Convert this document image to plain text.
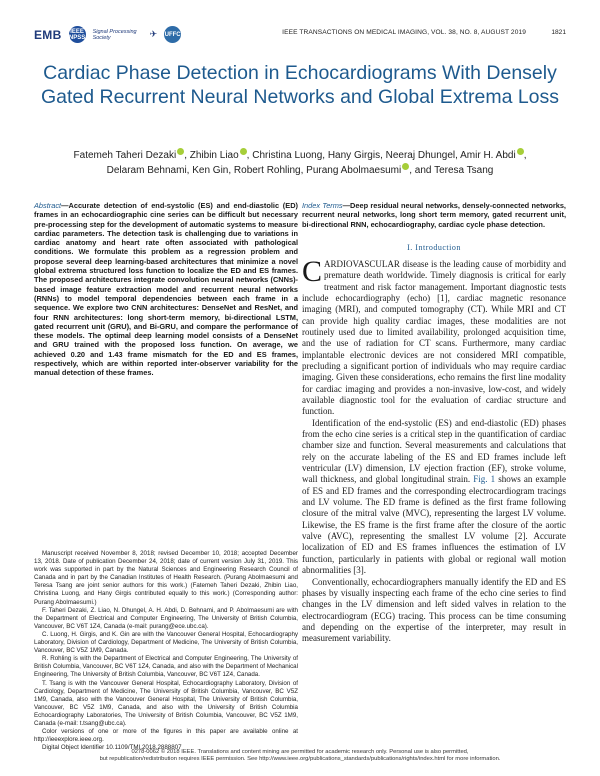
EMB IEEE NPSS
Signal Processing Society	✈ UFFC	IEEE TRANSACTIONS ON MEDICAL IMAGING, VOL. 38, NO. 8, AUGUST 2019	1821
Cardiac Phase Detection in Echocardiograms With Densely Gated Recurrent Neural Networks and Global Extrema Loss
Fatemeh Taheri Dezaki , Zhibin Liao , Christina Luong, Hany Girgis, Neeraj Dhungel, Amir H. Abdi ,
Delaram Behnami, Ken Gin, Robert Rohling, Purang Abolmaesumi , and Teresa Tsang
Abstract—Accurate detection of end-systolic (ES) and end-diastolic (ED) frames in an echocardiographic cine series can be difficult but necessary pre-processing step for the development of automatic systems to measure cardiac parameters. The detection task is challenging due to variations in cardiac anatomy and heart rate often associated with pathological conditions. We formulate this problem as a regression problem and propose several deep learning-based architectures that minimize a novel global extrema structured loss function to localize the ED and ES frames. The proposed architectures integrate convolution neural networks (CNNs)-based image feature extraction model and recurrent neural networks (RNNs) to model temporal dependencies between each frame in a sequence. We explore two CNN architectures: DenseNet and ResNet, and four RNN architectures: long short-term memory, bi-directional LSTM, gated recurrent unit (GRU), and Bi-GRU, and compare the performance of these models. The optimal deep learning model consists of a DenseNet and GRU trained with the proposed loss function. On average, we achieved 0.20 and 1.43 frame mismatch for the ED and ES frames, respectively, which are within reported inter-observer variability for the manual detection of these frames.

Manuscript received November 8, 2018; revised December 10, 2018; accepted December 13, 2018. Date of publication December 24, 2018; date of current version July 31, 2019. This work was supported in part by the Natural Sciences and Engineering Research Council of Canada and in part by the Canadian Institutes of Health Research. (Purang Abolmaesumi and Teresa Tsang are joint senior authors for this work.) (Fatemeh Taheri Dezaki, Zhibin Liao, Christina Luong, and Hany Girgis contributed equally to this work.) (Corresponding author: Purang Abolmaesumi.)

F. Taheri Dezaki, Z. Liao, N. Dhungel, A. H. Abdi, D. Behnami, and P. Abolmaesumi are with the Department of Electrical and Computer Engineering, The University of British Columbia, Vancouver, BC V6T 1Z4, Canada (e-mail: purang@ece.ubc.ca).

C. Luong, H. Girgis, and K. Gin are with the Vancouver General Hospital, Echocardiography Laboratory, Division of Cardiology, Department of Medicine, The University of British Columbia, Vancouver, BC V5Z 1M9, Canada.

R. Rohling is with the Department of Electrical and Computer Engineering, The University of British Columbia, Vancouver, BC V6T 1Z4, Canada, and also with the Department of Mechanical Engineering, The University of British Columbia, Vancouver, BC V6T 1Z4, Canada.

T. Tsang is with the Vancouver General Hospital, Echocardiography Laboratory, Division of Cardiology, Department of Medicine, The University of British Columbia, Vancouver, BC V5Z 1M9, Canada, also with the Vancouver General Hospital, The University of British Columbia, Vancouver, BC V5Z 1M9, Canada, and also with the University of British Columbia Echocardiography Laboratories, The University of British Columbia, Vancouver, BC V5Z 1M9, Canada (e-mail: t.tsang@ubc.ca).

Color versions of one or more of the figures in this paper are available online at http://ieeexplore.ieee.org.

Digital Object Identifier 10.1109/TMI.2018.2888807

Index Terms—Deep residual neural networks, densely-connected networks, recurrent neural networks, long short term memory, gated recurrent unit, bi-directional RNN, echocardiography, cardiac cycle phase detection.
I. Introduction

CARDIOVASCULAR disease is the leading cause of morbidity and premature death worldwide. Timely diagnosis is critical for early treatment and risk factor management. Important diagnostic tests include echocardiography (echo) [1], cardiac magnetic resonance imaging (MRI), and computed tomography (CT). While MRI and CT can provide high quality cardiac images, these modalities are not routinely used due to limited availability, prolonged acquisition time, and the use of radiation for CT scans. Furthermore, many cardiac implantable electronic devices are not considered MRI compatible, precluding a significant portion of individuals who may require cardiac imaging. Given these considerations, echo remains the first line modality for cardiac imaging and provides a non-invasive, low-cost, and widely available diagnostic tool for the evaluation of cardiac structure and function.

Identification of the end-systolic (ES) and end-diastolic (ED) phases from the echo cine series is a critical step in the quantification of cardiac chamber size and function. Several measurements and calculations that rely on the accurate labeling of the ES and ED frames include left ventricular (LV) dimension, LV ejection fraction (EF), stroke volume, wall thickness, and global longitudinal strain. Fig. 1 shows an example of ES and ED frames and the corresponding electrocardiogram tracings and LV volume. The ED frame is defined as the first frame following closure of the mitral valve (MVC), representing the largest LV volume. Likewise, the ES frame is the first frame after the closure of the aortic valve (AVC), representing the smallest LV volume [2]. Accurate localization of ED and ES frames influences the estimation of LV function, particularly in patients with global or regional wall motion abnormalities [3].

Conventionally, echocardiographers manually identify the ED and ES phases by visually inspecting each frame of the echo cine series to find changes in the LV dimension and left sided valves in relation to the electrocardiogram (ECG) tracing. This process can be time consuming and depending on the expertise of the interpreter, may result in measurement variability.

0278-0062 © 2018 IEEE. Translations and content mining are permitted for academic research only. Personal use is also permitted,
but republication/redistribution requires IEEE permission. See http://www.ieee.org/publications_standards/publications/rights/index.html for more information.
